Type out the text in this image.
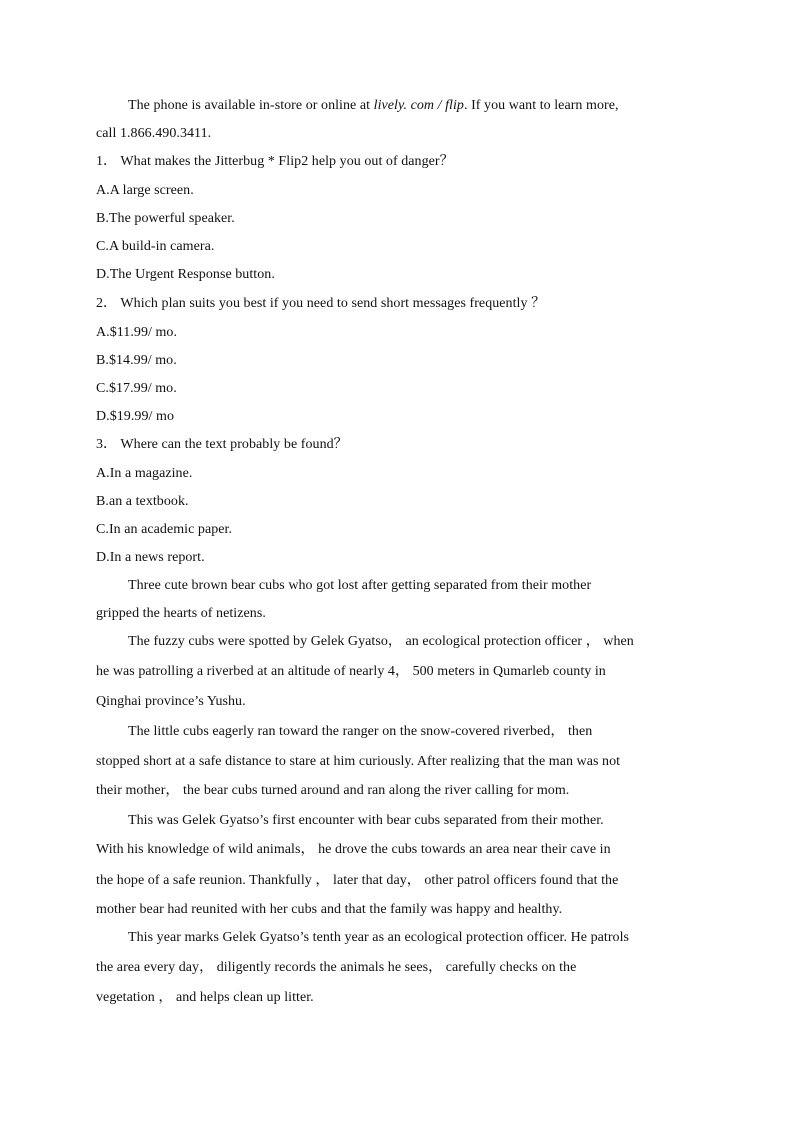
The phone is available in-store or online at lively. com / flip. If you want to learn more,
call 1.866.490.3411.
1． What makes the Jitterbug * Flip2 help you out of danger？
A.A large screen.
B.The powerful speaker.
C.A build-in camera.
D.The Urgent Response button.
2． Which plan suits you best if you need to send short messages frequently ？
A.$11.99/ mo.
B.$14.99/ mo.
C.$17.99/ mo.
D.$19.99/ mo
3． Where can the text probably be found？
A.In a magazine.
B.an a textbook.
C.In an academic paper.
D.In a news report.
Three cute brown bear cubs who got lost after getting separated from their mother
gripped the hearts of netizens.
The fuzzy cubs were spotted by Gelek Gyatso， an ecological protection officer ， when
he was patrolling a riverbed at an altitude of nearly 4， 500 meters in Qumarleb county in
Qinghai province’s Yushu.
The little cubs eagerly ran toward the ranger on the snow-covered riverbed， then
stopped short at a safe distance to stare at him curiously. After realizing that the man was not
their mother， the bear cubs turned around and ran along the river calling for mom.
This was Gelek Gyatso’s first encounter with bear cubs separated from their mother.
With his knowledge of wild animals， he drove the cubs towards an area near their cave in
the hope of a safe reunion. Thankfully ， later that day， other patrol officers found that the
mother bear had reunited with her cubs and that the family was happy and healthy.
This year marks Gelek Gyatso’s tenth year as an ecological protection officer. He patrols
the area every day， diligently records the animals he sees， carefully checks on the
vegetation ， and helps clean up litter.
